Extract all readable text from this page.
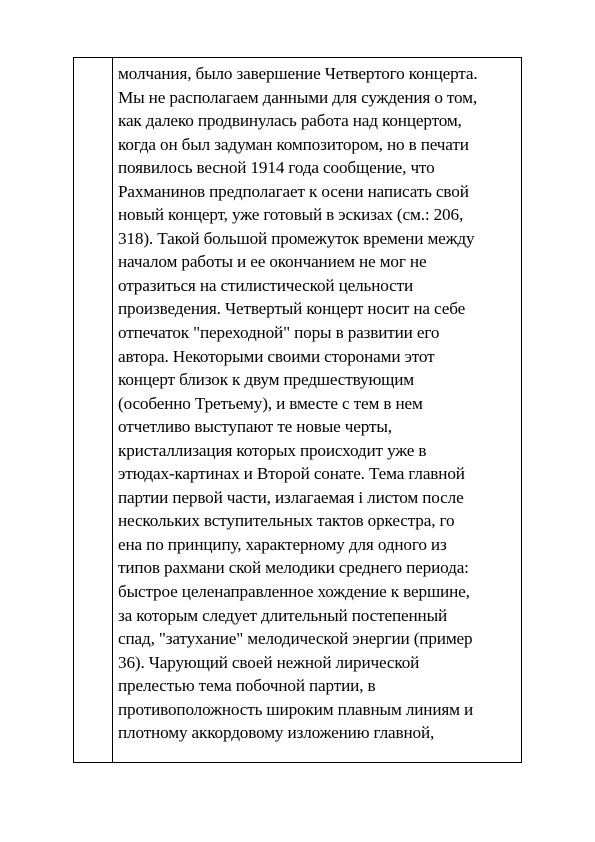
молчания, было завершение Четвертого концерта.
Мы не располагаем данными для суждения о том,
как далеко продвинулась работа над концертом,
когда он был задуман композитором, но в печати
появилось весной 1914 года сообщение, что
Рахманинов предполагает к осени написать свой
новый концерт, уже готовый в эскизах (см.: 206,
318). Такой большой промежуток времени между
началом работы и ее окончанием не мог не
отразиться на стилистической цельности
произведения. Четвертый концерт носит на себе
отпечаток "переходной" поры в развитии его
автора. Некоторыми своими сторонами этот
концерт близок к двум предшествующим
(особенно Третьему), и вместе с тем в нем
отчетливо выступают те новые черты,
кристаллизация которых происходит уже в
этюдах-картинах и Второй сонате. Тема главной
партии первой части, излагаемая і листом после
нескольких вступительных тактов оркестра, го
ена по принципу, характерному для одного из
типов рахмани ской мелодики среднего периода:
быстрое целенаправленное хождение к вершине,
за которым следует длительный постепенный
спад, "затухание" мелодической энергии (пример
36). Чарующий своей нежной лирической
прелестью тема побочной партии, в
противоположность широким плавным линиям и
плотному аккордовому изложению главной,
